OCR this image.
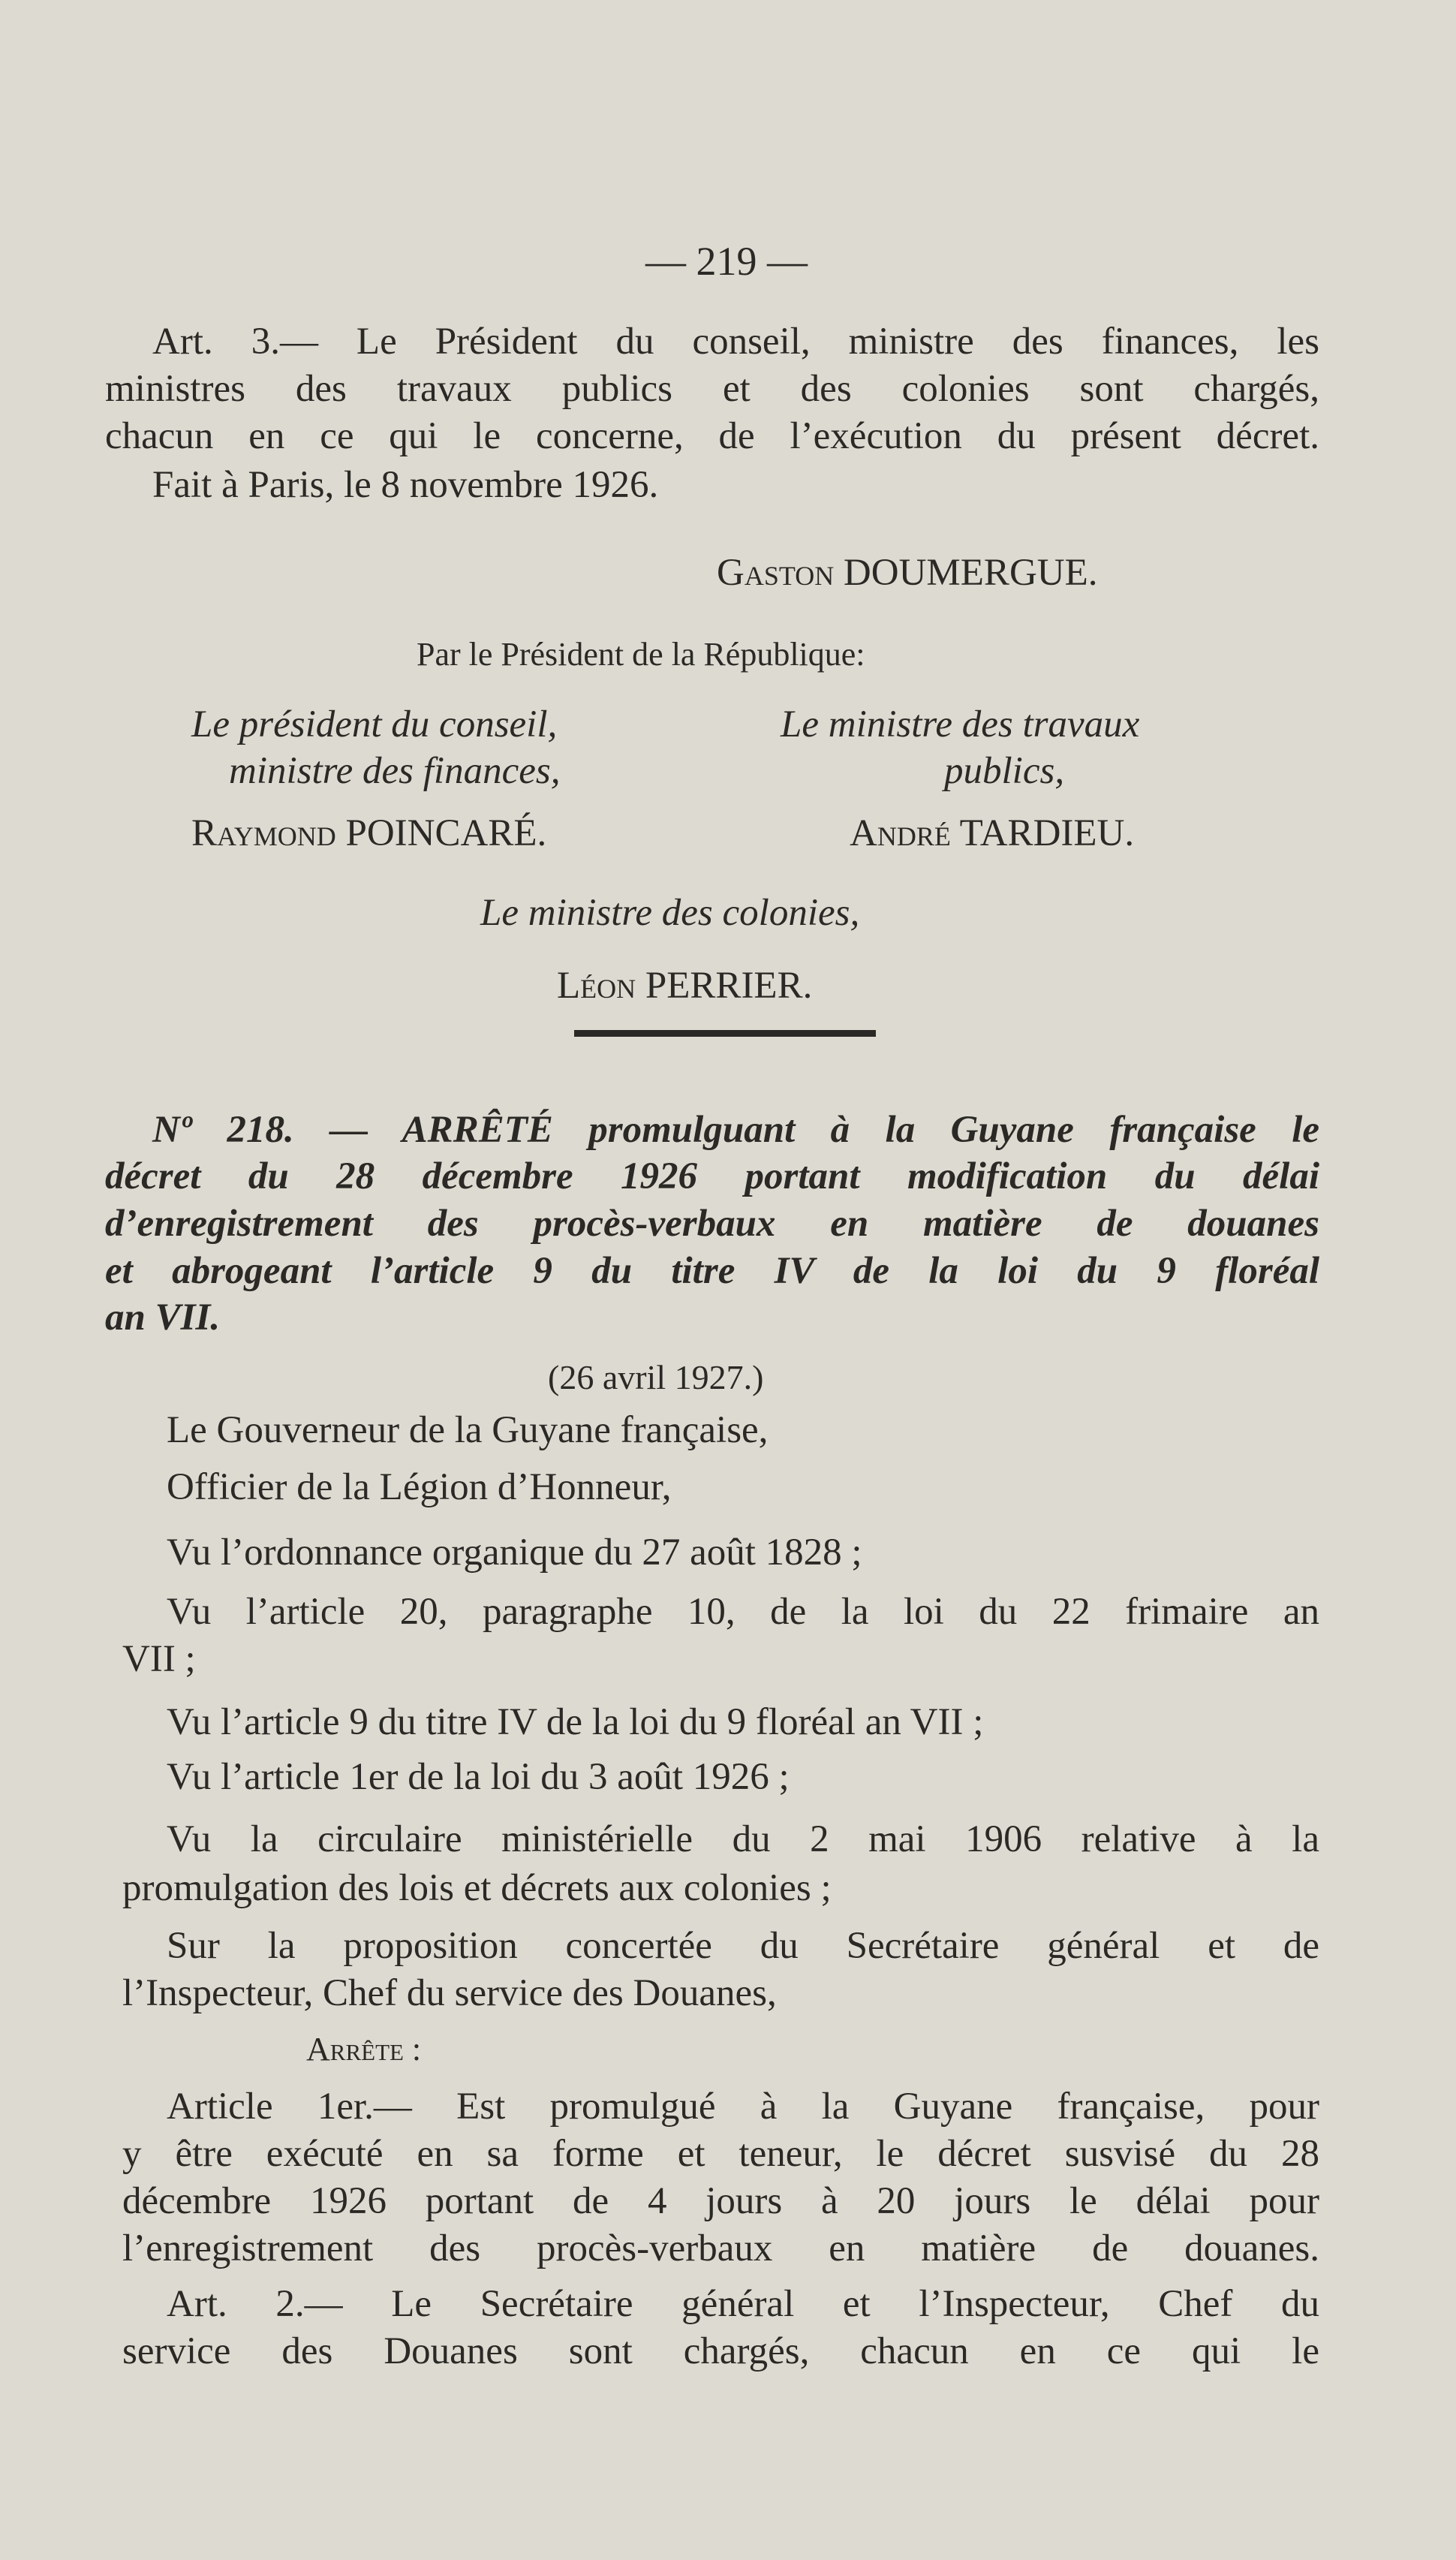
— 219 —
Art. 3.— Le Président du conseil, ministre des finances, les
ministres des travaux publics et des colonies sont chargés,
chacun en ce qui le concerne, de l’exécution du présent décret.
Fait à Paris, le 8 novembre 1926.
Gaston DOUMERGUE.
Par le Président de la République:
Le président du conseil,
ministre des finances,
Raymond POINCARÉ.
Le ministre des travaux
publics,
André TARDIEU.
Le ministre des colonies,
Léon PERRIER.
Nº 218. — ARRÊTÉ promulguant à la Guyane française le
décret du 28 décembre 1926 portant modification du délai
d’enregistrement des procès-verbaux en matière de douanes
et abrogeant l’article 9 du titre IV de la loi du 9 floréal
an VII.
(26 avril 1927.)
Le Gouverneur de la Guyane française,
Officier de la Légion d’Honneur,
Vu l’ordonnance organique du 27 août 1828 ;
Vu l’article 20, paragraphe 10, de la loi du 22 frimaire an
VII ;
Vu l’article 9 du titre IV de la loi du 9 floréal an VII ;
Vu l’article 1er de la loi du 3 août 1926 ;
Vu la circulaire ministérielle du 2 mai 1906 relative à la
promulgation des lois et décrets aux colonies ;
Sur la proposition concertée du Secrétaire général et de
l’Inspecteur, Chef du service des Douanes,
Arrête :
Article 1er.— Est promulgué à la Guyane française, pour
y être exécuté en sa forme et teneur, le décret susvisé du 28
décembre 1926 portant de 4 jours à 20 jours le délai pour
l’enregistrement des procès-verbaux en matière de douanes.
Art. 2.— Le Secrétaire général et l’Inspecteur, Chef du
service des Douanes sont chargés, chacun en ce qui le
